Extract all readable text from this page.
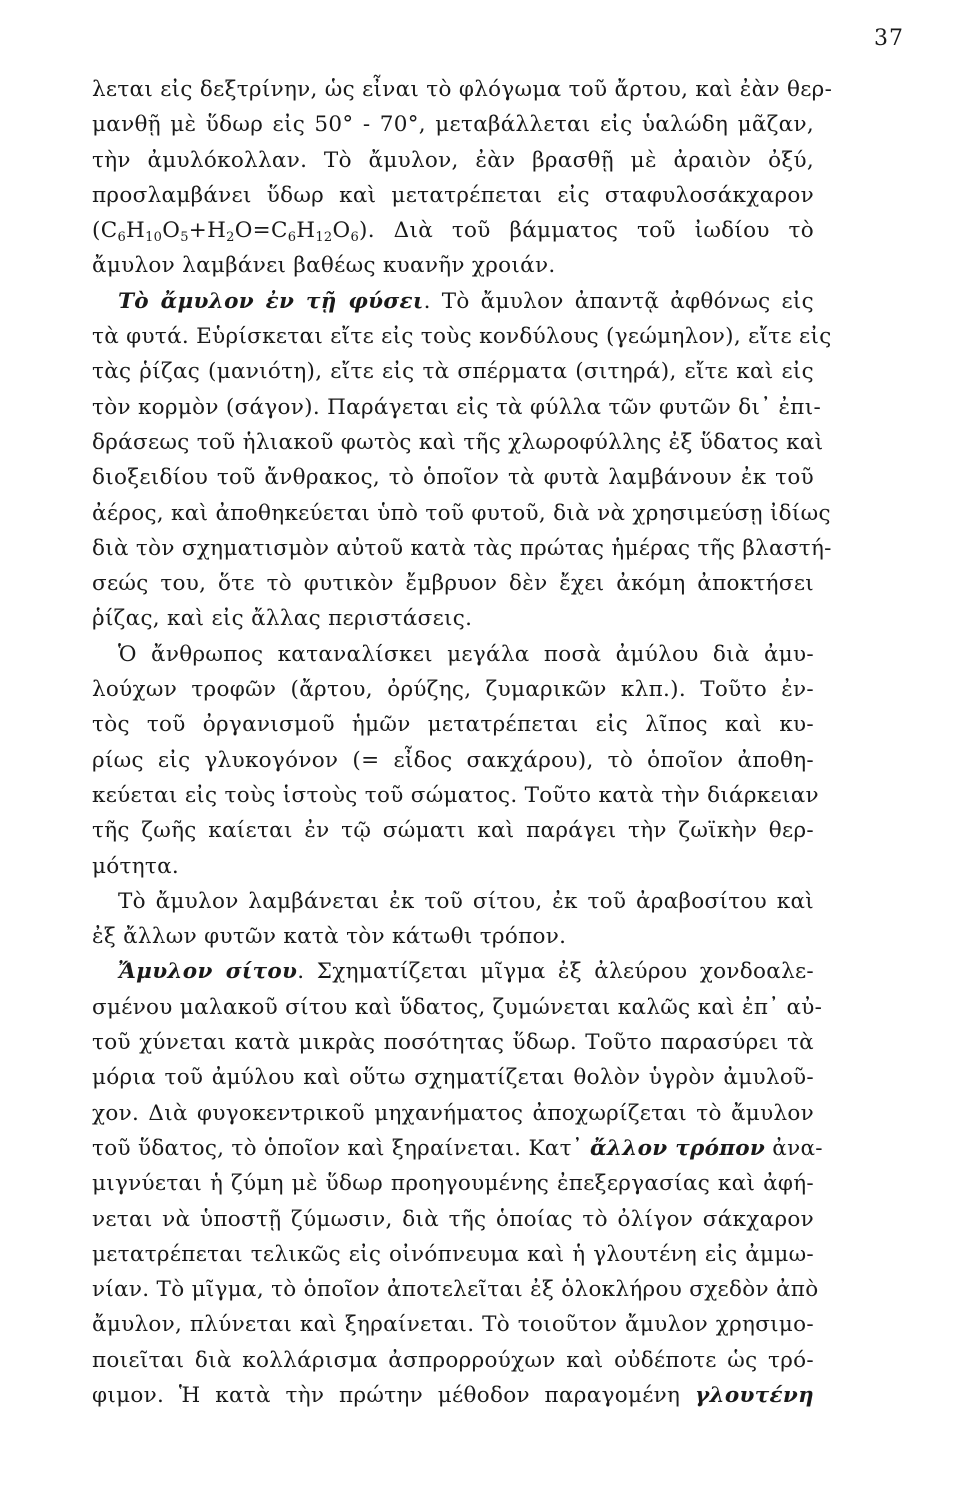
37
λεται εἰς δεξτρίνην, ὡς εἶναι τὸ φλόγωμα τοῦ ἄρτου, καὶ ἐὰν θερ-
μανθῇ μὲ ὕδωρ εἰς 50° - 70°, μεταβάλλεται εἰς ὑαλώδη μᾶζαν,
τὴν ἀμυλόκολλαν. Τὸ ἄμυλον, ἐὰν βρασθῇ μὲ ἀραιὸν ὀξύ,
προσλαμβάνει ὕδωρ καὶ μετατρέπεται εἰς σταφυλοσάκχαρον
$(C_6H_{10}O_5+H_2O=C_6H_{12}O_6)$. Διὰ τοῦ βάμματος τοῦ ἰωδίου τὸ
ἄμυλον λαμβάνει βαθέως κυανῆν χροιάν.
Τὸ ἄμυλον ἐν τῇ φύσει. Τὸ ἄμυλον ἀπαντᾷ ἀφθόνως εἰς
τὰ φυτά. Εὑρίσκεται εἴτε εἰς τοὺς κονδύλους (γεώμηλον), εἴτε εἰς
τὰς ῥίζας (μανιότη), εἴτε εἰς τὰ σπέρματα (σιτηρά), εἴτε καὶ εἰς
τὸν κορμὸν (σάγον). Παράγεται εἰς τὰ φύλλα τῶν φυτῶν δι᾿ ἐπι-
δράσεως τοῦ ἡλιακοῦ φωτὸς καὶ τῆς χλωροφύλλης ἐξ ὕδατος καὶ
διοξειδίου τοῦ ἄνθρακος, τὸ ὁποῖον τὰ φυτὰ λαμβάνουν ἐκ τοῦ
ἀέρος, καὶ ἀποθηκεύεται ὑπὸ τοῦ φυτοῦ, διὰ νὰ χρησιμεύσῃ ἰδίως
διὰ τὸν σχηματισμὸν αὐτοῦ κατὰ τὰς πρώτας ἡμέρας τῆς βλαστή-
σεώς του, ὅτε τὸ φυτικὸν ἔμβρυον δὲν ἔχει ἀκόμη ἀποκτήσει
ῥίζας, καὶ εἰς ἄλλας περιστάσεις.
Ὁ ἄνθρωπος καταναλίσκει μεγάλα ποσὰ ἀμύλου διὰ ἀμυ-
λούχων τροφῶν (ἄρτου, ὀρύζης, ζυμαρικῶν κλπ.). Τοῦτο ἐν-
τὸς τοῦ ὀργανισμοῦ ἡμῶν μετατρέπεται εἰς λῖπος καὶ κυ-
ρίως εἰς γλυκογόνον (= εἶδος σακχάρου), τὸ ὁποῖον ἀποθη-
κεύεται εἰς τοὺς ἱστοὺς τοῦ σώματος. Τοῦτο κατὰ τὴν διάρκειαν
τῆς ζωῆς καίεται ἐν τῷ σώματι καὶ παράγει τὴν ζωϊκὴν θερ-
μότητα.
Τὸ ἄμυλον λαμβάνεται ἐκ τοῦ σίτου, ἐκ τοῦ ἀραβοσίτου καὶ
ἐξ ἄλλων φυτῶν κατὰ τὸν κάτωθι τρόπον.
Ἄμυλον σίτου. Σχηματίζεται μῖγμα ἐξ ἀλεύρου χονδοαλε-
σμένου μαλακοῦ σίτου καὶ ὕδατος, ζυμώνεται καλῶς καὶ ἐπ᾿ αὐ-
τοῦ χύνεται κατὰ μικρὰς ποσότητας ὕδωρ. Τοῦτο παρασύρει τὰ
μόρια τοῦ ἀμύλου καὶ οὕτω σχηματίζεται θολὸν ὑγρὸν ἀμυλοῦ-
χον. Διὰ φυγοκεντρικοῦ μηχανήματος ἀποχωρίζεται τὸ ἄμυλον
τοῦ ὕδατος, τὸ ὁποῖον καὶ ξηραίνεται. Κατ᾿ ἄλλον τρόπον ἀνα-
μιγνύεται ἡ ζύμη μὲ ὕδωρ προηγουμένης ἐπεξεργασίας καὶ ἀφή-
νεται νὰ ὑποστῇ ζύμωσιν, διὰ τῆς ὁποίας τὸ ὀλίγον σάκχαρον
μετατρέπεται τελικῶς εἰς οἰνόπνευμα καὶ ἡ γλουτένη εἰς ἀμμω-
νίαν. Τὸ μῖγμα, τὸ ὁποῖον ἀποτελεῖται ἐξ ὁλοκλήρου σχεδὸν ἀπὸ
ἄμυλον, πλύνεται καὶ ξηραίνεται. Τὸ τοιοῦτον ἄμυλον χρησιμο-
ποιεῖται διὰ κολλάρισμα ἀσπρορρούχων καὶ οὐδέποτε ὡς τρό-
φιμον. Ἡ κατὰ τὴν πρώτην μέθοδον παραγομένη γλουτένη
